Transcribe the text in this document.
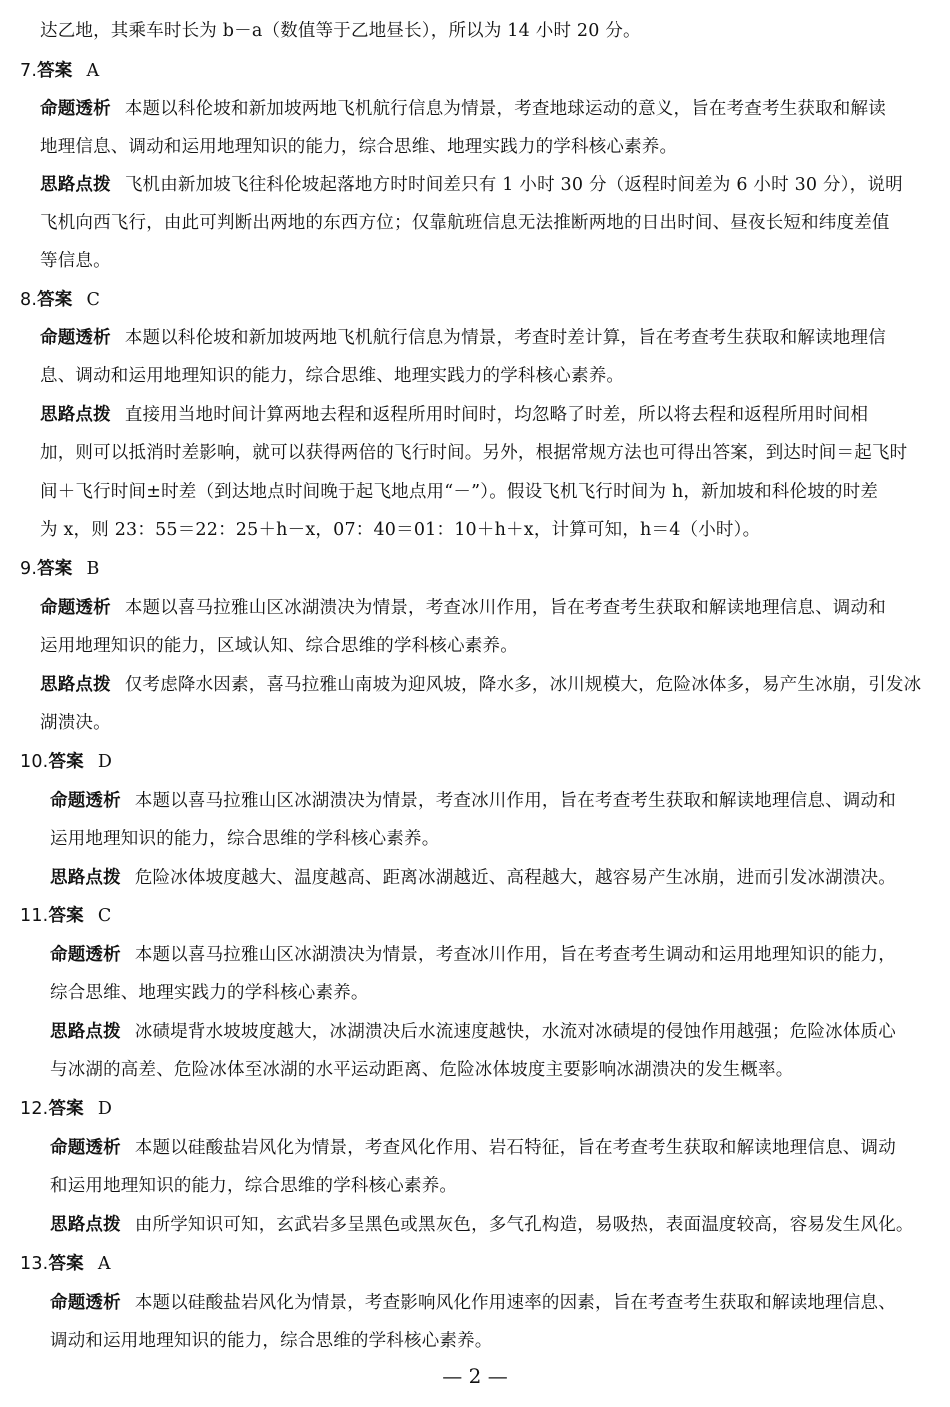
达乙地，其乘车时长为 b－a（数值等于乙地昼长），所以为 14 小时 20 分。
7.答案 A
命题透析 本题以科伦坡和新加坡两地飞机航行信息为情景，考查地球运动的意义，旨在考查考生获取和解读
地理信息、调动和运用地理知识的能力，综合思维、地理实践力的学科核心素养。
思路点拨 飞机由新加坡飞往科伦坡起落地方时时间差只有 1 小时 30 分（返程时间差为 6 小时 30 分），说明
飞机向西飞行，由此可判断出两地的东西方位；仅靠航班信息无法推断两地的日出时间、昼夜长短和纬度差值
等信息。
8.答案 C
命题透析 本题以科伦坡和新加坡两地飞机航行信息为情景，考查时差计算，旨在考查考生获取和解读地理信
息、调动和运用地理知识的能力，综合思维、地理实践力的学科核心素养。
思路点拨 直接用当地时间计算两地去程和返程所用时间时，均忽略了时差，所以将去程和返程所用时间相
加，则可以抵消时差影响，就可以获得两倍的飞行时间。另外，根据常规方法也可得出答案，到达时间＝起飞时
间＋飞行时间±时差（到达地点时间晚于起飞地点用“－”）。假设飞机飞行时间为 h，新加坡和科伦坡的时差
为 x，则 23：55＝22：25＋h－x，07：40＝01：10＋h＋x，计算可知，h＝4（小时）。
9.答案 B
命题透析 本题以喜马拉雅山区冰湖溃决为情景，考查冰川作用，旨在考查考生获取和解读地理信息、调动和
运用地理知识的能力，区域认知、综合思维的学科核心素养。
思路点拨 仅考虑降水因素，喜马拉雅山南坡为迎风坡，降水多，冰川规模大，危险冰体多，易产生冰崩，引发冰
湖溃决。
10.答案 D
命题透析 本题以喜马拉雅山区冰湖溃决为情景，考查冰川作用，旨在考查考生获取和解读地理信息、调动和
运用地理知识的能力，综合思维的学科核心素养。
思路点拨 危险冰体坡度越大、温度越高、距离冰湖越近、高程越大，越容易产生冰崩，进而引发冰湖溃决。
11.答案 C
命题透析 本题以喜马拉雅山区冰湖溃决为情景，考查冰川作用，旨在考查考生调动和运用地理知识的能力，
综合思维、地理实践力的学科核心素养。
思路点拨 冰碛堤背水坡坡度越大，冰湖溃决后水流速度越快，水流对冰碛堤的侵蚀作用越强；危险冰体质心
与冰湖的高差、危险冰体至冰湖的水平运动距离、危险冰体坡度主要影响冰湖溃决的发生概率。
12.答案 D
命题透析 本题以硅酸盐岩风化为情景，考查风化作用、岩石特征，旨在考查考生获取和解读地理信息、调动
和运用地理知识的能力，综合思维的学科核心素养。
思路点拨 由所学知识可知，玄武岩多呈黑色或黑灰色，多气孔构造，易吸热，表面温度较高，容易发生风化。
13.答案 A
命题透析 本题以硅酸盐岩风化为情景，考查影响风化作用速率的因素，旨在考查考生获取和解读地理信息、
调动和运用地理知识的能力，综合思维的学科核心素养。
— 2 —
